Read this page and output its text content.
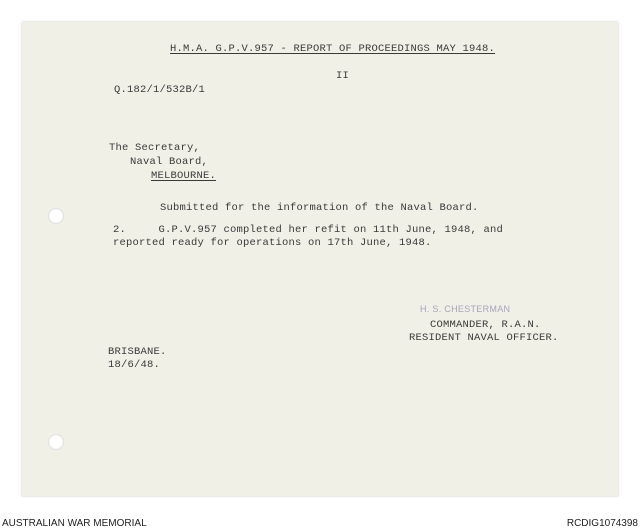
H.M.A. G.P.V.957 - REPORT OF PROCEEDINGS MAY 1948.
II
Q.182/1/532B/1
The Secretary,
Naval Board,
MELBOURNE.
Submitted for the information of the Naval Board.
2.     G.P.V.957 completed her refit on 11th June, 1948, and
reported ready for operations on 17th June, 1948.
H. S. CHESTERMAN
COMMANDER, R.A.N.
RESIDENT NAVAL OFFICER.
BRISBANE.
18/6/48.
AUSTRALIAN WAR MEMORIAL	RCDIG1074398
